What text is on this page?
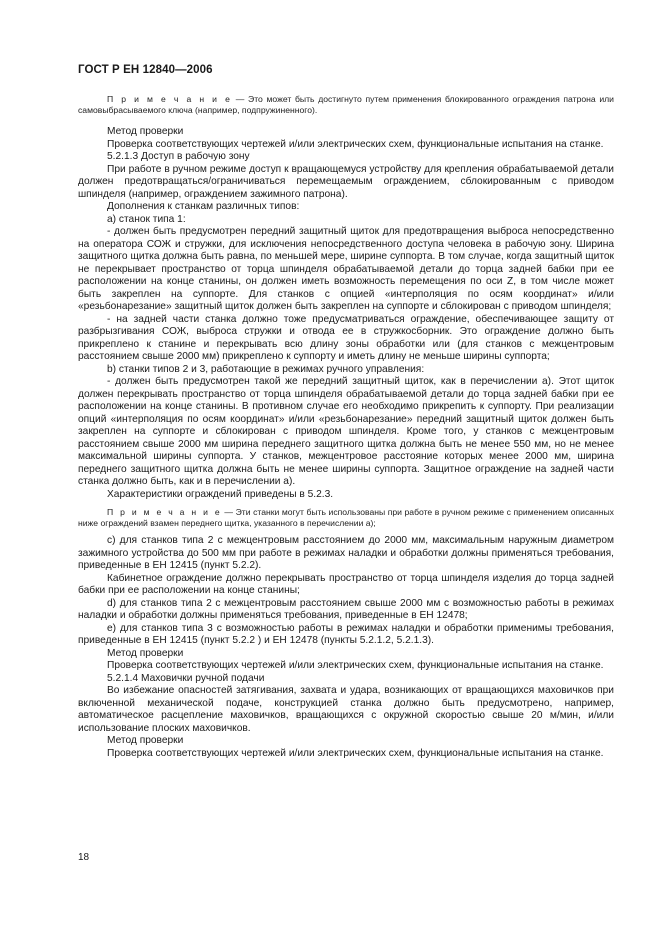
ГОСТ Р ЕН 12840—2006

П р и м е ч а н и е — Это может быть достигнуто путем применения блокированного ограждения патрона или самовыбрасываемого ключа (например, подпружиненного).

Метод проверки

Проверка соответствующих чертежей и/или электрических схем, функциональные испытания на станке.

5.2.1.3 Доступ в рабочую зону

При работе в ручном режиме доступ к вращающемуся устройству для крепления обрабатываемой детали должен предотвращаться/ограничиваться перемещаемым ограждением, сблокированным с приводом шпинделя (например, ограждением зажимного патрона).

Дополнения к станкам различных типов:

a) станок типа 1:

- должен быть предусмотрен передний защитный щиток для предотвращения выброса непосредственно на оператора СОЖ и стружки, для исключения непосредственного доступа человека в рабочую зону. Ширина защитного щитка должна быть равна, по меньшей мере, ширине суппорта. В том случае, когда защитный щиток не перекрывает пространство от торца шпинделя обрабатываемой детали до торца задней бабки при ее расположении на конце станины, он должен иметь возможность перемещения по оси Z, в том числе может быть закреплен на суппорте. Для станков с опцией «интерполяция по осям координат» и/или «резьбонарезание» защитный щиток должен быть закреплен на суппорте и сблокирован с приводом шпинделя;

- на задней части станка должно тоже предусматриваться ограждение, обеспечивающее защиту от разбрызгивания СОЖ, выброса стружки и отвода ее в стружкосборник. Это ограждение должно быть прикреплено к станине и перекрывать всю длину зоны обработки или (для станков с межцентровым расстоянием свыше 2000 мм) прикреплено к суппорту и иметь длину не меньше ширины суппорта;

b) станки типов 2 и 3, работающие в режимах ручного управления:

- должен быть предусмотрен такой же передний защитный щиток, как в перечислении а). Этот щиток должен перекрывать пространство от торца шпинделя обрабатываемой детали до торца задней бабки при ее расположении на конце станины. В противном случае его необходимо прикрепить к суппорту. При реализации опций «интерполяция по осям координат» и/или «резьбонарезание» передний защитный щиток должен быть закреплен на суппорте и сблокирован с приводом шпинделя. Кроме того, у станков с межцентровым расстоянием свыше 2000 мм ширина переднего защитного щитка должна быть не менее 550 мм, но не менее максимальной ширины суппорта. У станков, межцентровое расстояние которых менее 2000 мм, ширина переднего защитного щитка должна быть не менее ширины суппорта. Защитное ограждение на задней части станка должно быть, как и в перечислении а).

Характеристики ограждений приведены в 5.2.3.

П р и м е ч а н и е — Эти станки могут быть использованы при работе в ручном режиме с применением описанных ниже ограждений взамен переднего щитка, указанного в перечислении а);

c) для станков типа 2 с межцентровым расстоянием до 2000 мм, максимальным наружным диаметром зажимного устройства до 500 мм при работе в режимах наладки и обработки должны применяться требования, приведенные в ЕН 12415 (пункт 5.2.2).

Кабинетное ограждение должно перекрывать пространство от торца шпинделя изделия до торца задней бабки при ее расположении на конце станины;

d) для станков типа 2 с межцентровым расстоянием свыше 2000 мм с возможностью работы в режимах наладки и обработки должны применяться требования, приведенные в ЕН 12478;

e) для станков типа 3 с возможностью работы в режимах наладки и обработки применимы требования, приведенные в ЕН 12415 (пункт 5.2.2 ) и ЕН 12478 (пункты 5.2.1.2, 5.2.1.3).

Метод проверки

Проверка соответствующих чертежей и/или электрических схем, функциональные испытания на станке.

5.2.1.4 Маховички ручной подачи

Во избежание опасностей затягивания, захвата и удара, возникающих от вращающихся маховичков при включенной механической подаче, конструкцией станка должно быть предусмотрено, например, автоматическое расцепление маховичков, вращающихся с окружной скоростью свыше 20 м/мин, и/или использование плоских маховичков.

Метод проверки

Проверка соответствующих чертежей и/или электрических схем, функциональные испытания на станке.

18
